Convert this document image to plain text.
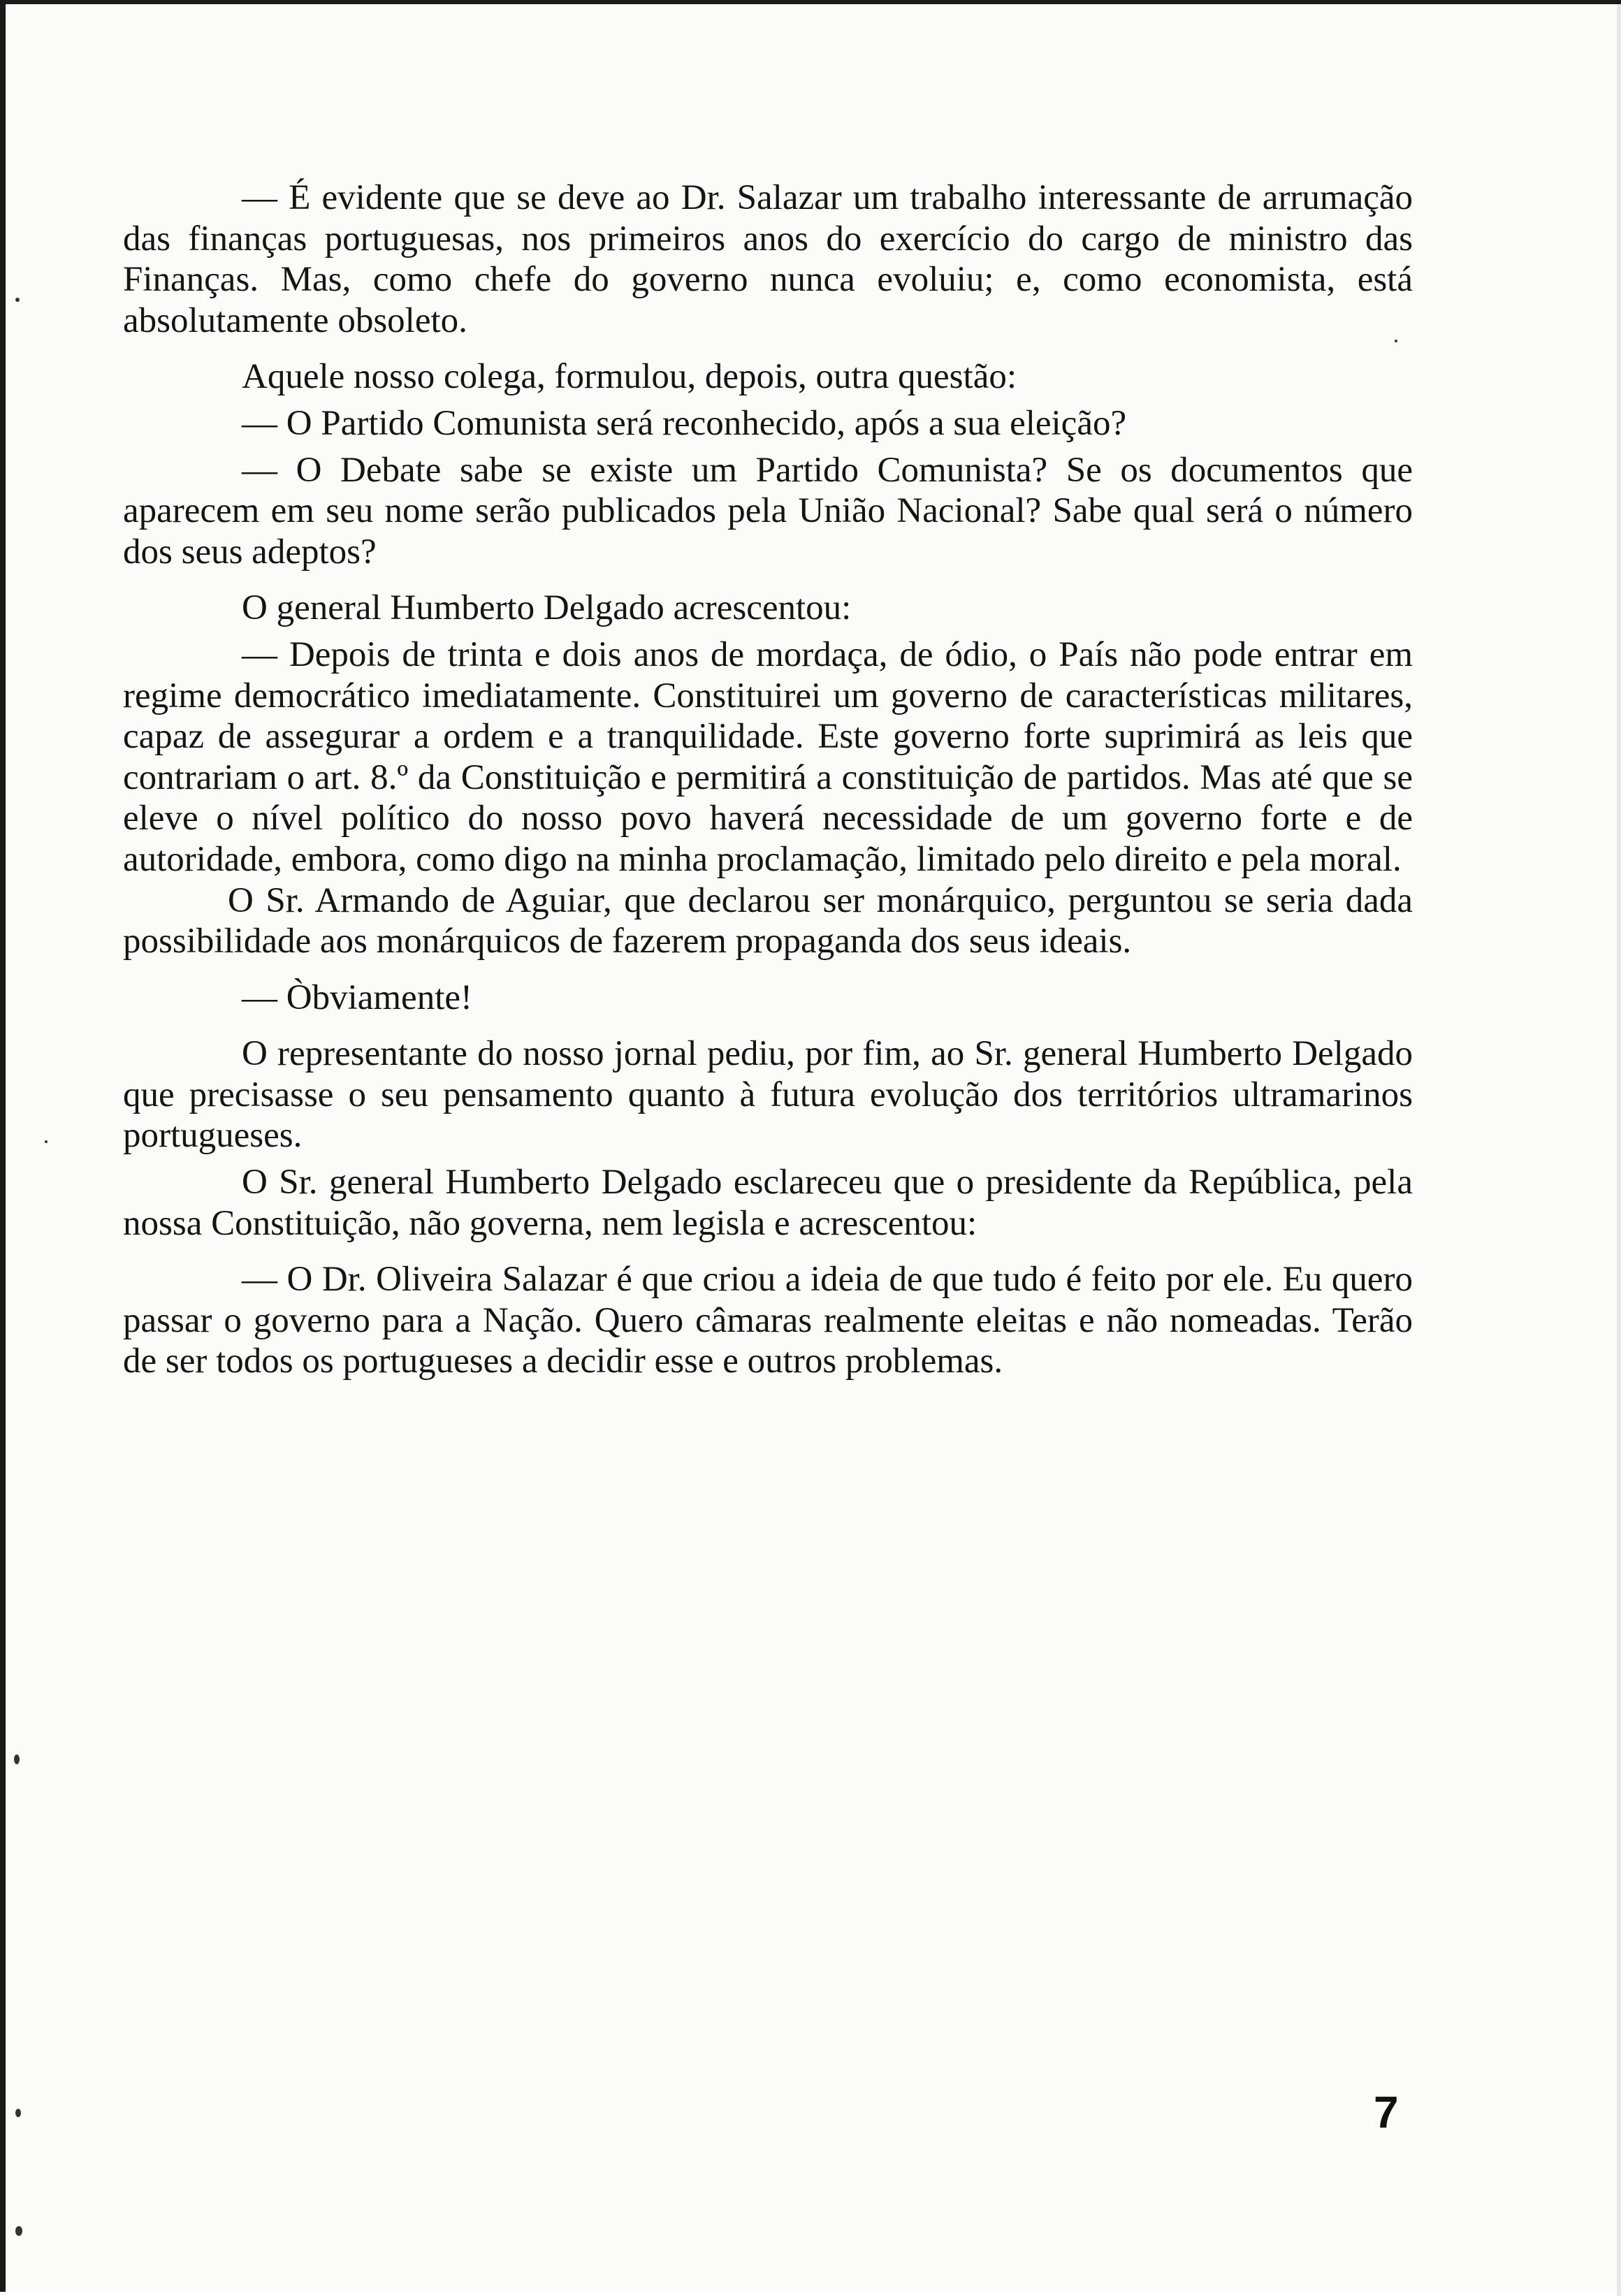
— É evidente que se deve ao Dr. Salazar um trabalho interessante de arrumação das finanças portuguesas, nos primeiros anos do exercício do cargo de ministro das Finanças. Mas, como chefe do governo nunca evoluiu; e, como economista, está absolutamente obsoleto.

Aquele nosso colega, formulou, depois, outra questão:

— O Partido Comunista será reconhecido, após a sua eleição?

— O Debate sabe se existe um Partido Comunista? Se os documentos que aparecem em seu nome serão publicados pela União Nacional? Sabe qual será o número dos seus adeptos?

O general Humberto Delgado acrescentou:

— Depois de trinta e dois anos de mordaça, de ódio, o País não pode entrar em regime democrático imediatamente. Constituirei um governo de características militares, capaz de assegurar a ordem e a tranquilidade. Este governo forte suprimirá as leis que contrariam o art. 8.º da Constituição e permitirá a constituição de partidos. Mas até que se eleve o nível político do nosso povo haverá necessidade de um governo forte e de autoridade, embora, como digo na minha proclamação, limitado pelo direito e pela moral.

O Sr. Armando de Aguiar, que declarou ser monárquico, perguntou se seria dada possibilidade aos monárquicos de fazerem propaganda dos seus ideais.

— Òbviamente!

O representante do nosso jornal pediu, por fim, ao Sr. general Humberto Delgado que precisasse o seu pensamento quanto à futura evolução dos territórios ultramarinos portugueses.

O Sr. general Humberto Delgado esclareceu que o presidente da República, pela nossa Constituição, não governa, nem legisla e acrescentou:

— O Dr. Oliveira Salazar é que criou a ideia de que tudo é feito por ele. Eu quero passar o governo para a Nação. Quero câmaras realmente eleitas e não nomeadas. Terão de ser todos os portugueses a decidir esse e outros problemas.

7
